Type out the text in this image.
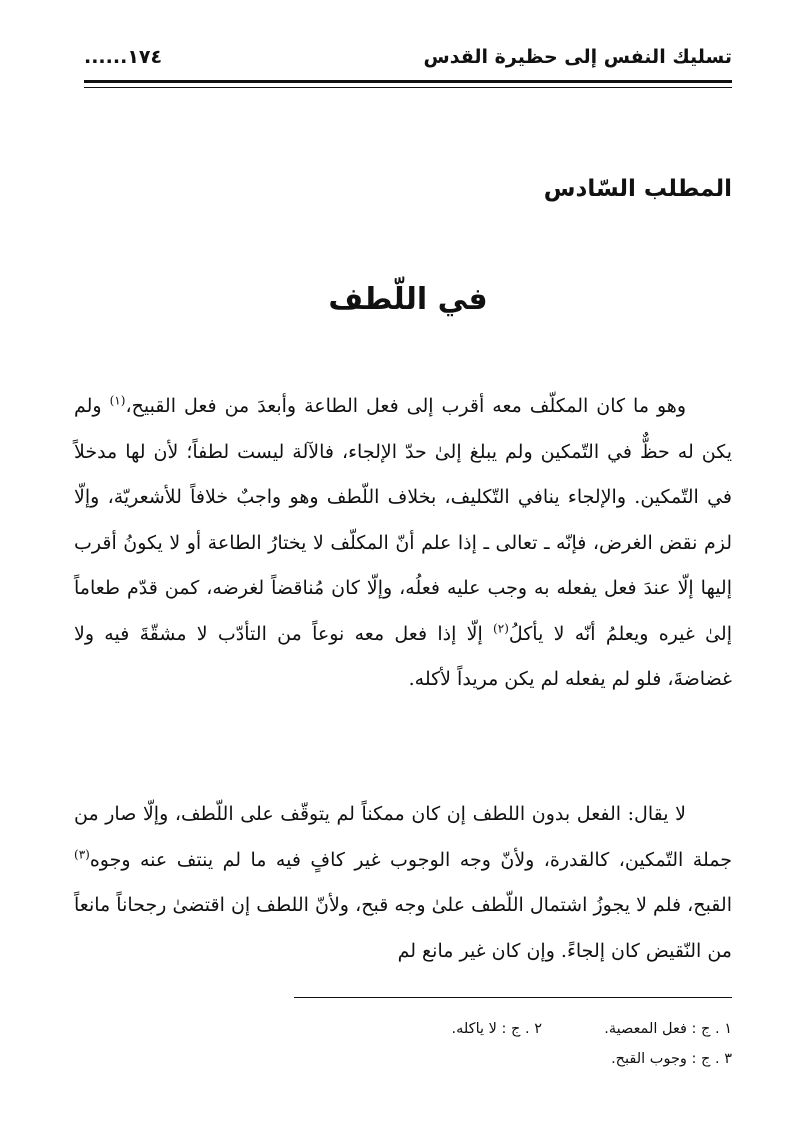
تسليك النفس إلى حظيرة القدس
١٧٤......
المطلب السّادس
في اللّطف

وهو ما كان المكلّف معه أقرب إلى فعل الطاعة وأبعدَ من فعل القبيح،$^{(١)}$ ولم يكن له حظٌّ في التّمكين ولم يبلغ إلىٰ حدّ الإلجاء، فالآلة ليست لطفاً؛ لأن لها مدخلاً في التّمكين. والإلجاء ينافي التّكليف، بخلاف اللّطف وهو واجبٌ خلافاً للأشعريّة، وإلّا لزم نقض الغرض، فإنّه ـ تعالى ـ إذا علم أنّ المكلّف لا يختارُ الطاعة أو لا يكونُ أقرب إليها إلّا عندَ فعل يفعله به وجب عليه فعلُه، وإلّا كان مُناقضاً لغرضه، كمن قدّم طعاماً إلىٰ غيره ويعلمُ أنّه لا يأكلُ$^{(٢)}$ إلّا إذا فعل معه نوعاً من التأدّب لا مشقّةَ فيه ولا غضاضةَ، فلو لم يفعله لم يكن مريداً لأكله.

لا يقال: الفعل بدون اللطف إن كان ممكناً لم يتوقّف على اللّطف، وإلّا صار من جملة التّمكين، كالقدرة، ولأنّ وجه الوجوب غير كافٍ فيه ما لم ينتف عنه وجوه$^{(٣)}$ القبح، فلم لا يجوزُ اشتمال اللّطف علىٰ وجه قبح، ولأنّ اللطف إن اقتضىٰ رجحاناً مانعاً من النّقيض كان إلجاءً. وإن كان غير مانع لم

١ . ج : فعل المعصية.
٢ . ج : لا ياكله.
٣ . ج : وجوب القبح.
